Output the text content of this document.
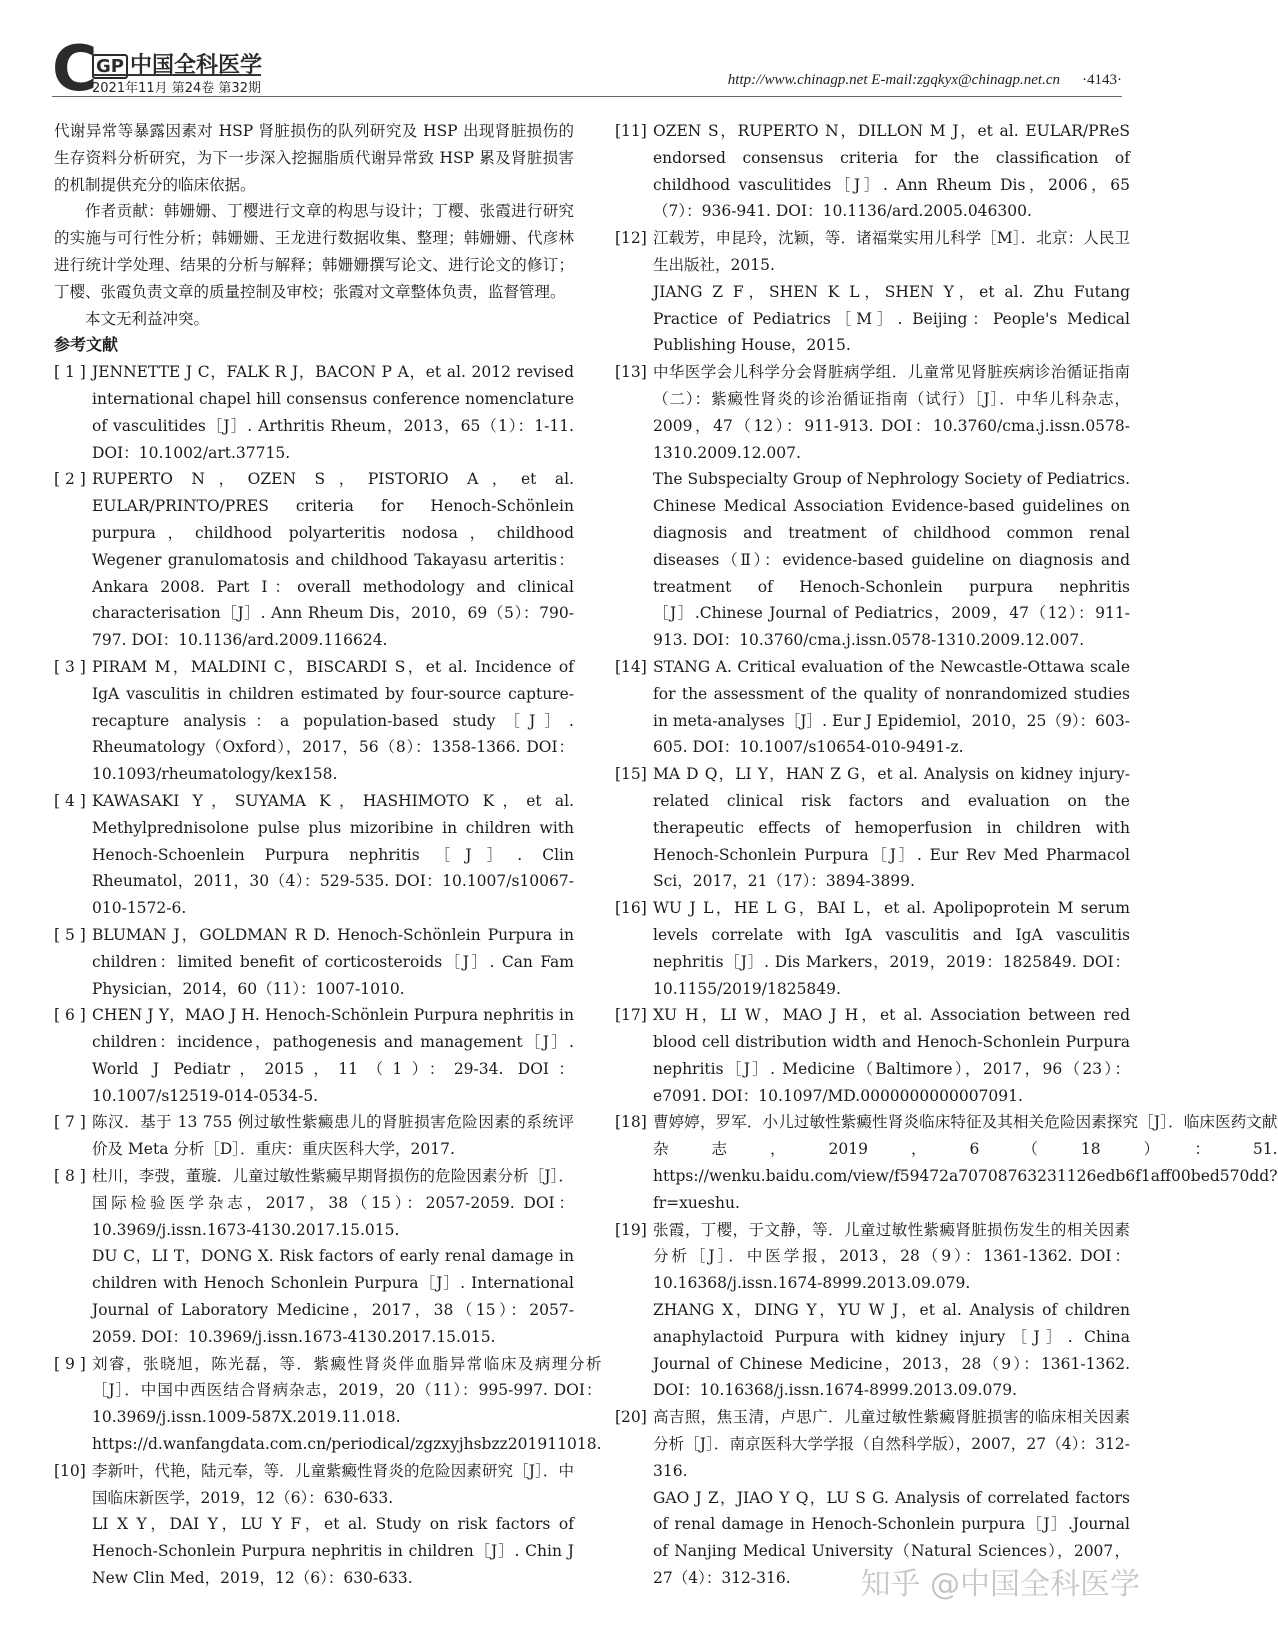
C
GP 中国全科医学
2021年11月 第24卷 第32期
http://www.chinagp.net E-mail:zgqkyx@chinagp.net.cn ·4143·

代谢异常等暴露因素对 HSP 肾脏损伤的队列研究及 HSP 出现肾脏损伤的生存资料分析研究，为下一步深入挖掘脂质代谢异常致 HSP 累及肾脏损害的机制提供充分的临床依据。

作者贡献：韩姗姗、丁樱进行文章的构思与设计；丁樱、张霞进行研究的实施与可行性分析；韩姗姗、王龙进行数据收集、整理；韩姗姗、代彦林进行统计学处理、结果的分析与解释；韩姗姗撰写论文、进行论文的修订；丁樱、张霞负责文章的质量控制及审校；张霞对文章整体负责，监督管理。

本文无利益冲突。

参考文献

[ 1 ] JENNETTE J C，FALK R J，BACON P A，et al. 2012 revised international chapel hill consensus conference nomenclature of vasculitides［J］. Arthritis Rheum，2013，65（1）：1-11. DOI：10.1002/art.37715.
[ 2 ] RUPERTO N，OZEN S，PISTORIO A，et al. EULAR/PRINTO/PRES criteria for Henoch-Schönlein purpura，childhood polyarteritis nodosa，childhood Wegener granulomatosis and childhood Takayasu arteritis：Ankara 2008. Part I：overall methodology and clinical characterisation［J］. Ann Rheum Dis，2010，69（5）：790-797. DOI：10.1136/ard.2009.116624.
[ 3 ] PIRAM M，MALDINI C，BISCARDI S，et al. Incidence of IgA vasculitis in children estimated by four-source capture-recapture analysis：a population-based study［J］. Rheumatology（Oxford），2017，56（8）：1358-1366. DOI：10.1093/rheumatology/kex158.
[ 4 ] KAWASAKI Y，SUYAMA K，HASHIMOTO K，et al. Methylprednisolone pulse plus mizoribine in children with Henoch-Schoenlein Purpura nephritis［J］. Clin Rheumatol，2011，30（4）：529-535. DOI：10.1007/s10067-010-1572-6.
[ 5 ] BLUMAN J，GOLDMAN R D. Henoch-Schönlein Purpura in children：limited benefit of corticosteroids［J］. Can Fam Physician，2014，60（11）：1007-1010.
[ 6 ] CHEN J Y，MAO J H. Henoch-Schönlein Purpura nephritis in children：incidence，pathogenesis and management［J］. World J Pediatr，2015，11（1）：29-34. DOI：10.1007/s12519-014-0534-5.
[ 7 ] 陈汉．基于 13 755 例过敏性紫癜患儿的肾脏损害危险因素的系统评价及 Meta 分析［D］．重庆：重庆医科大学，2017.
[ 8 ] 杜川，李弢，董璇．儿童过敏性紫癜早期肾损伤的危险因素分析［J］．国际检验医学杂志，2017，38（15）：2057-2059. DOI：10.3969/j.issn.1673-4130.2017.15.015.
DU C，LI T，DONG X. Risk factors of early renal damage in children with Henoch Schonlein Purpura［J］. International Journal of Laboratory Medicine，2017，38（15）：2057-2059. DOI：10.3969/j.issn.1673-4130.2017.15.015.
[ 9 ] 刘睿，张晓旭，陈光磊，等．紫癜性肾炎伴血脂异常临床及病理分析［J］．中国中西医结合肾病杂志，2019，20（11）：995-997. DOI：10.3969/j.issn.1009-587X.2019.11.018. https://d.wanfangdata.com.cn/periodical/zgzxyjhsbzz201911018.
[10] 李新叶，代艳，陆元奉，等．儿童紫癜性肾炎的危险因素研究［J］．中国临床新医学，2019，12（6）：630-633.
LI X Y，DAI Y，LU Y F，et al. Study on risk factors of Henoch-Schonlein Purpura nephritis in children［J］. Chin J New Clin Med，2019，12（6）：630-633.
[11] OZEN S，RUPERTO N，DILLON M J，et al. EULAR/PReS endorsed consensus criteria for the classification of childhood vasculitides［J］. Ann Rheum Dis，2006，65（7）：936-941. DOI：10.1136/ard.2005.046300.
[12] 江载芳，申昆玲，沈颖，等．诸福棠实用儿科学［M］．北京：人民卫生出版社，2015.
JIANG Z F，SHEN K L，SHEN Y，et al. Zhu Futang Practice of Pediatrics［M］. Beijing：People's Medical Publishing House，2015.
[13] 中华医学会儿科学分会肾脏病学组．儿童常见肾脏疾病诊治循证指南（二）：紫癜性肾炎的诊治循证指南（试行）［J］．中华儿科杂志，2009，47（12）：911-913. DOI：10.3760/cma.j.issn.0578-1310.2009.12.007.
The Subspecialty Group of Nephrology Society of Pediatrics. Chinese Medical Association Evidence-based guidelines on diagnosis and treatment of childhood common renal diseases（Ⅱ）：evidence-based guideline on diagnosis and treatment of Henoch-Schonlein purpura nephritis［J］.Chinese Journal of Pediatrics，2009，47（12）：911-913. DOI：10.3760/cma.j.issn.0578-1310.2009.12.007.
[14] STANG A. Critical evaluation of the Newcastle-Ottawa scale for the assessment of the quality of nonrandomized studies in meta-analyses［J］. Eur J Epidemiol，2010，25（9）：603-605. DOI：10.1007/s10654-010-9491-z.
[15] MA D Q，LI Y，HAN Z G，et al. Analysis on kidney injury-related clinical risk factors and evaluation on the therapeutic effects of hemoperfusion in children with Henoch-Schonlein Purpura［J］. Eur Rev Med Pharmacol Sci，2017，21（17）：3894-3899.
[16] WU J L，HE L G，BAI L，et al. Apolipoprotein M serum levels correlate with IgA vasculitis and IgA vasculitis nephritis［J］. Dis Markers，2019，2019：1825849. DOI：10.1155/2019/1825849.
[17] XU H，LI W，MAO J H，et al. Association between red blood cell distribution width and Henoch-Schonlein Purpura nephritis［J］. Medicine（Baltimore），2017，96（23）：e7091. DOI：10.1097/MD.0000000000007091.
[18] 曹婷婷，罗军．小儿过敏性紫癜性肾炎临床特征及其相关危险因素探究［J］．临床医药文献杂志，2019，6（18）：51. https://wenku.baidu.com/view/f59472a70708763231126edb6f1aff00bed570dd?fr=xueshu.
[19] 张霞，丁樱，于文静，等．儿童过敏性紫癜肾脏损伤发生的相关因素分析［J］．中医学报，2013，28（9）：1361-1362. DOI：10.16368/j.issn.1674-8999.2013.09.079.
ZHANG X，DING Y，YU W J，et al. Analysis of children anaphylactoid Purpura with kidney injury［J］. China Journal of Chinese Medicine，2013，28（9）：1361-1362. DOI：10.16368/j.issn.1674-8999.2013.09.079.
[20] 高吉照，焦玉清，卢思广．儿童过敏性紫癜肾脏损害的临床相关因素分析［J］．南京医科大学学报（自然科学版），2007，27（4）：312-316.
GAO J Z，JIAO Y Q，LU S G. Analysis of correlated factors of renal damage in Henoch-Schonlein purpura［J］.Journal of Nanjing Medical University（Natural Sciences），2007，27（4）：312-316.	知乎 @中国全科医学
